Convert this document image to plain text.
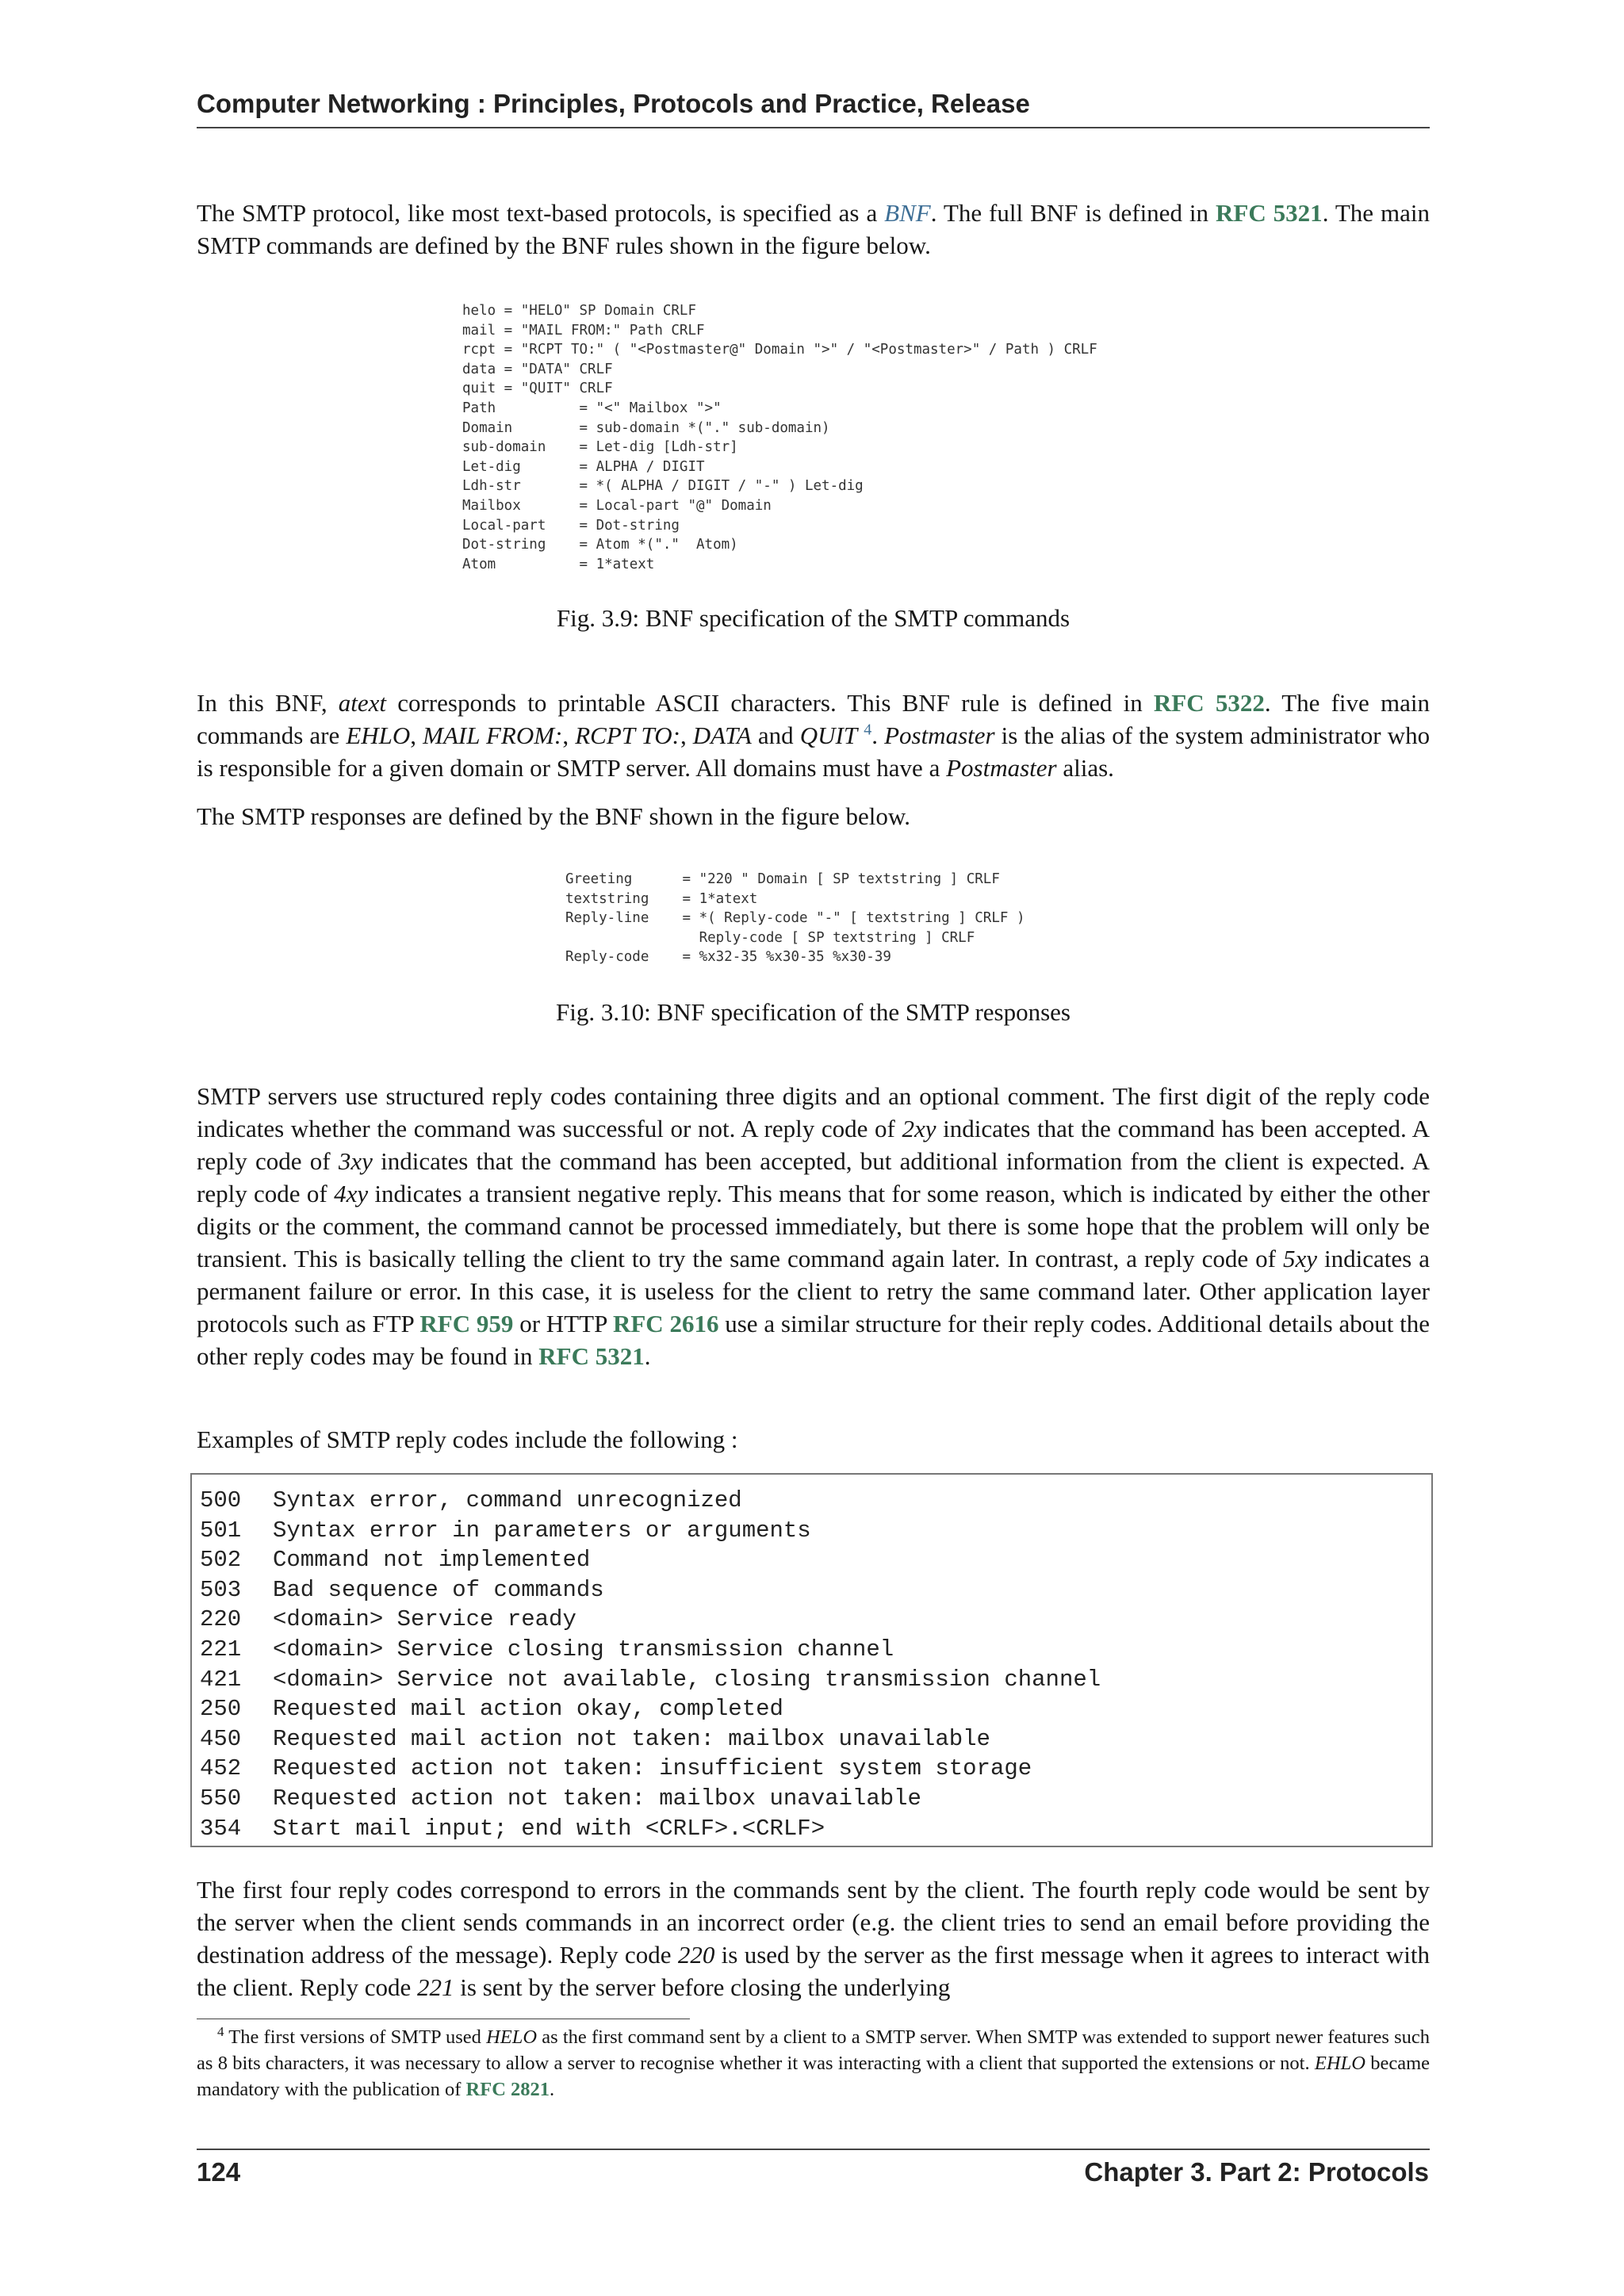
Computer Networking : Principles, Protocols and Practice, Release

The SMTP protocol, like most text-based protocols, is specified as a BNF. The full BNF is defined in RFC 5321. The main SMTP commands are defined by the BNF rules shown in the figure below.

helo = "HELO" SP Domain CRLF
mail = "MAIL FROM:" Path CRLF
rcpt = "RCPT TO:" ( "<Postmaster@" Domain ">" / "<Postmaster>" / Path ) CRLF
data = "DATA" CRLF
quit = "QUIT" CRLF
Path          = "<" Mailbox ">"
Domain        = sub-domain *("." sub-domain)
sub-domain    = Let-dig [Ldh-str]
Let-dig       = ALPHA / DIGIT
Ldh-str       = *( ALPHA / DIGIT / "-" ) Let-dig
Mailbox       = Local-part "@" Domain
Local-part    = Dot-string
Dot-string    = Atom *("."  Atom)
Atom          = 1*atext
Fig. 3.9: BNF specification of the SMTP commands

In this BNF, atext corresponds to printable ASCII characters. This BNF rule is defined in RFC 5322. The five main commands are EHLO, MAIL FROM:, RCPT TO:, DATA and QUIT $^4$. Postmaster is the alias of the system administrator who is responsible for a given domain or SMTP server. All domains must have a Postmaster alias.

The SMTP responses are defined by the BNF shown in the figure below.
Greeting      = "220 " Domain [ SP textstring ] CRLF
textstring    = 1*atext
Reply-line    = *( Reply-code "-" [ textstring ] CRLF )
Reply-code [ SP textstring ] CRLF
Reply-code    = %x32-35 %x30-35 %x30-39
Fig. 3.10: BNF specification of the SMTP responses

SMTP servers use structured reply codes containing three digits and an optional comment. The first digit of the reply code indicates whether the command was successful or not. A reply code of 2xy indicates that the command has been accepted. A reply code of 3xy indicates that the command has been accepted, but additional information from the client is expected. A reply code of 4xy indicates a transient negative reply. This means that for some reason, which is indicated by either the other digits or the comment, the command cannot be processed immediately, but there is some hope that the problem will only be transient. This is basically telling the client to try the same command again later. In contrast, a reply code of 5xy indicates a permanent failure or error. In this case, it is useless for the client to retry the same command later. Other application layer protocols such as FTP RFC 959 or HTTP RFC 2616 use a similar structure for their reply codes. Additional details about the other reply codes may be found in RFC 5321.

Examples of SMTP reply codes include the following :
500 Syntax error, command unrecognized
501 Syntax error in parameters or arguments
502 Command not implemented
503 Bad sequence of commands
220 <domain> Service ready
221 <domain> Service closing transmission channel
421 <domain> Service not available, closing transmission channel
250 Requested mail action okay, completed
450 Requested mail action not taken: mailbox unavailable
452 Requested action not taken: insufficient system storage
550 Requested action not taken: mailbox unavailable
354 Start mail input; end with <CRLF>.<CRLF>

The first four reply codes correspond to errors in the commands sent by the client. The fourth reply code would be sent by the server when the client sends commands in an incorrect order (e.g. the client tries to send an email before providing the destination address of the message). Reply code 220 is used by the server as the first message when it agrees to interact with the client. Reply code 221 is sent by the server before closing the underlying

$^4$ The first versions of SMTP used HELO as the first command sent by a client to a SMTP server. When SMTP was extended to support newer features such as 8 bits characters, it was necessary to allow a server to recognise whether it was interacting with a client that supported the extensions or not. EHLO became mandatory with the publication of RFC 2821.
124	Chapter 3. Part 2: Protocols
